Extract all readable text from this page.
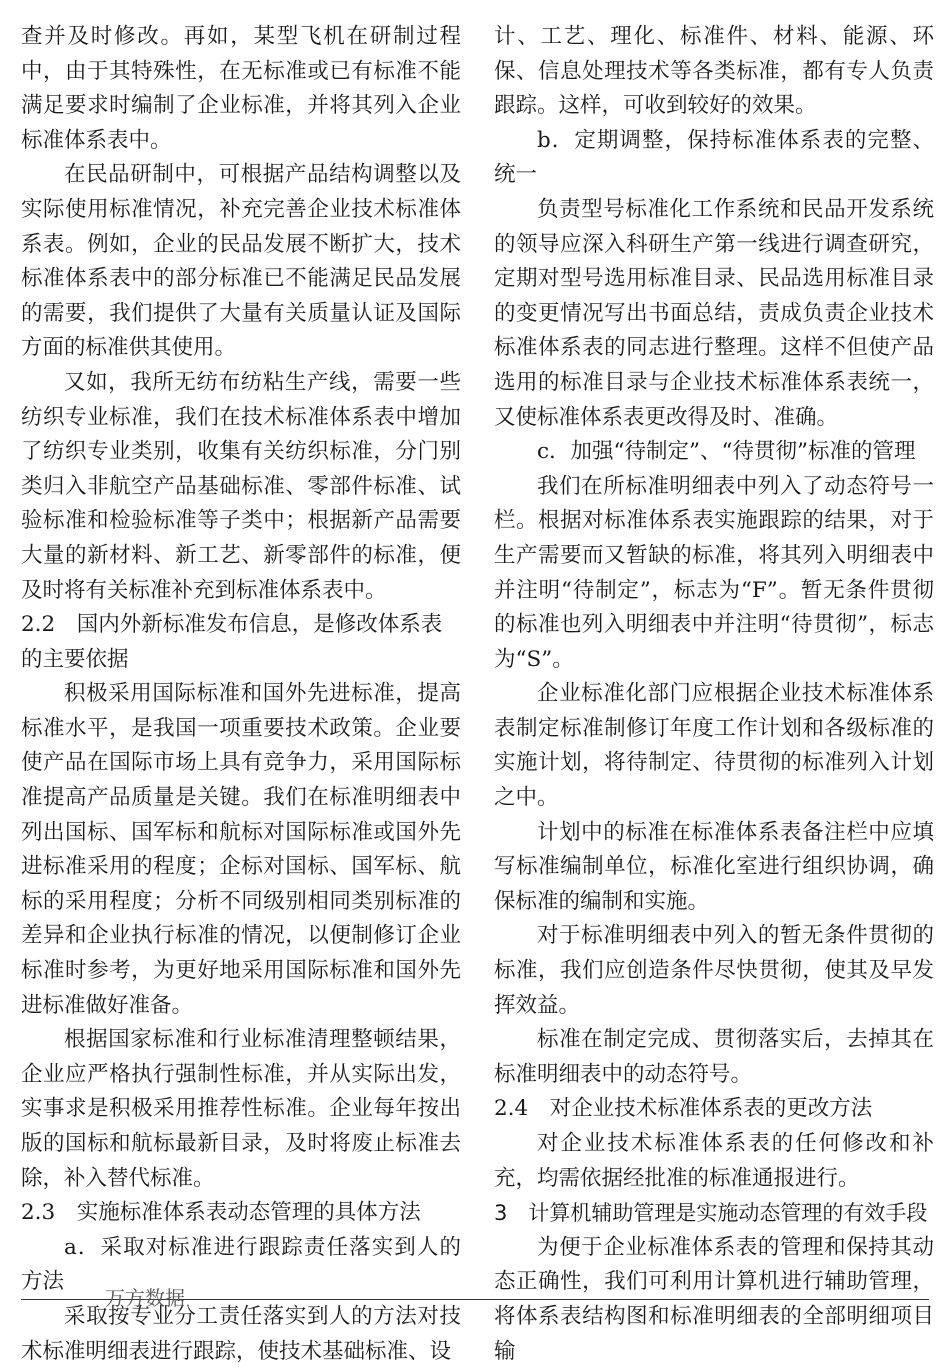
查并及时修改。再如，某型飞机在研制过程中，由于其特殊性，在无标准或已有标准不能满足要求时编制了企业标准，并将其列入企业标准体系表中。
在民品研制中，可根据产品结构调整以及实际使用标准情况，补充完善企业技术标准体系表。例如，企业的民品发展不断扩大，技术标准体系表中的部分标准已不能满足民品发展的需要，我们提供了大量有关质量认证及国际方面的标准供其使用。
又如，我所无纺布纺粘生产线，需要一些纺织专业标准，我们在技术标准体系表中增加了纺织专业类别，收集有关纺织标准，分门别类归入非航空产品基础标准、零部件标准、试验标准和检验标准等子类中；根据新产品需要大量的新材料、新工艺、新零部件的标准，便及时将有关标准补充到标准体系表中。
2.2　国内外新标准发布信息，是修改体系表的主要依据
积极采用国际标准和国外先进标准，提高标准水平，是我国一项重要技术政策。企业要使产品在国际市场上具有竞争力，采用国际标准提高产品质量是关键。我们在标准明细表中列出国标、国军标和航标对国际标准或国外先进标准采用的程度；企标对国标、国军标、航标的采用程度；分析不同级别相同类别标准的差异和企业执行标准的情况，以便制修订企业标准时参考，为更好地采用国际标准和国外先进标准做好准备。
根据国家标准和行业标准清理整顿结果，企业应严格执行强制性标准，并从实际出发，实事求是积极采用推荐性标准。企业每年按出版的国标和航标最新目录，及时将废止标准去除，补入替代标准。
2.3　实施标准体系表动态管理的具体方法
a．采取对标准进行跟踪责任落实到人的方法
采取按专业分工责任落实到人的方法对技术标准明细表进行跟踪，使技术基础标准、设
计、工艺、理化、标准件、材料、能源、环保、信息处理技术等各类标准，都有专人负责跟踪。这样，可收到较好的效果。
b．定期调整，保持标准体系表的完整、统一
负责型号标准化工作系统和民品开发系统的领导应深入科研生产第一线进行调查研究，定期对型号选用标准目录、民品选用标准目录的变更情况写出书面总结，责成负责企业技术标准体系表的同志进行整理。这样不但使产品选用的标准目录与企业技术标准体系表统一，又使标准体系表更改得及时、准确。
c．加强“待制定”、“待贯彻”标准的管理
我们在所标准明细表中列入了动态符号一栏。根据对标准体系表实施跟踪的结果，对于生产需要而又暂缺的标准，将其列入明细表中并注明“待制定”，标志为“F”。暂无条件贯彻的标准也列入明细表中并注明“待贯彻”，标志为“S”。
企业标准化部门应根据企业技术标准体系表制定标准制修订年度工作计划和各级标准的实施计划，将待制定、待贯彻的标准列入计划之中。
计划中的标准在标准体系表备注栏中应填写标准编制单位，标准化室进行组织协调，确保标准的编制和实施。
对于标准明细表中列入的暂无条件贯彻的标准，我们应创造条件尽快贯彻，使其及早发挥效益。
标准在制定完成、贯彻落实后，去掉其在标准明细表中的动态符号。
2.4　对企业技术标准体系表的更改方法
对企业技术标准体系表的任何修改和补充，均需依据经批准的标准通报进行。
3　计算机辅助管理是实施动态管理的有效手段
为便于企业标准体系表的管理和保持其动态正确性，我们可利用计算机进行辅助管理，将体系表结构图和标准明细表的全部明细项目输
万方数据
